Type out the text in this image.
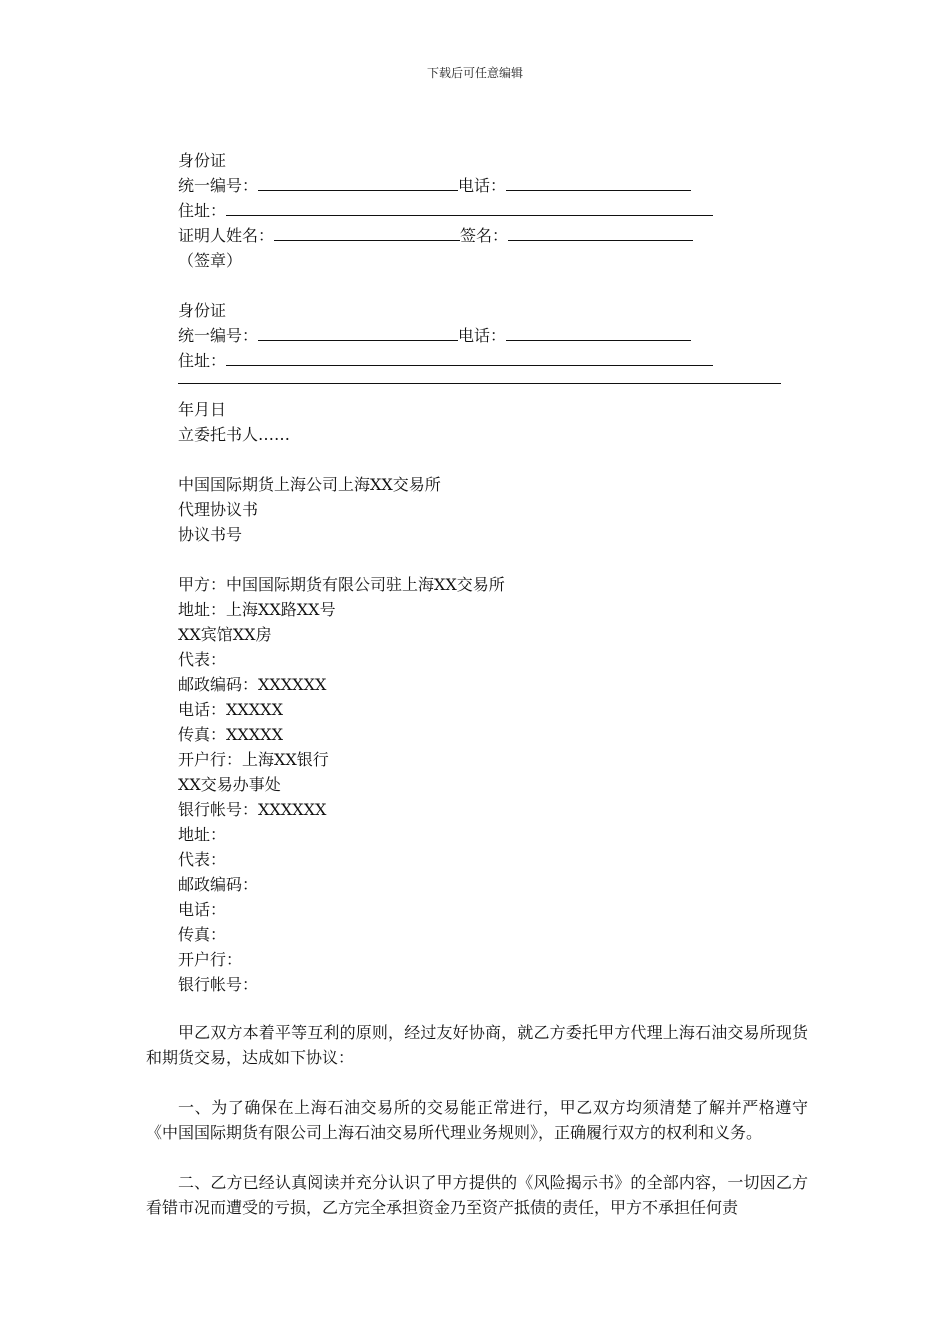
下载后可任意编辑
身份证
统一编号：	电话：
住址：
证明人姓名：	签名：
（签章）
身份证
统一编号：	电话：
住址：
年月日
立委托书人……
中国国际期货上海公司上海XX交易所
代理协议书
协议书号
甲方：中国国际期货有限公司驻上海XX交易所
地址：上海XX路XX号
XX宾馆XX房
代表：
邮政编码：XXXXXX
电话：XXXXX
传真：XXXXX
开户行：上海XX银行
XX交易办事处
银行帐号：XXXXXX
地址：
代表：
邮政编码：
电话：
传真：
开户行：
银行帐号：
甲乙双方本着平等互利的原则，经过友好协商，就乙方委托甲方代理上海石油交易所现货和期货交易，达成如下协议：
一、为了确保在上海石油交易所的交易能正常进行，甲乙双方均须清楚了解并严格遵守《中国国际期货有限公司上海石油交易所代理业务规则》，正确履行双方的权利和义务。
二、乙方已经认真阅读并充分认识了甲方提供的《风险揭示书》的全部内容，一切因乙方看错市况而遭受的亏损，乙方完全承担资金乃至资产抵债的责任，甲方不承担任何责
